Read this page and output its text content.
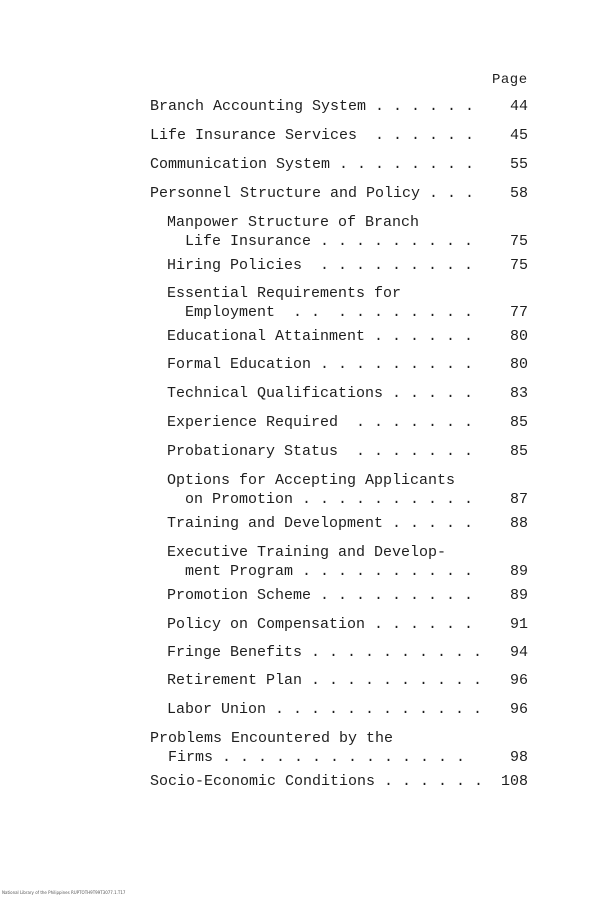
Page
Branch Accounting System . . . . . .	44
Life Insurance Services  . . . . . .	45
Communication System . . . . . . . .	55
Personnel Structure and Policy . . .	58
Manpower Structure of Branch
Life Insurance . . . . . . . . .	75
Hiring Policies  . . . . . . . . .	75
Essential Requirements for
Employment  . .  . . . . . . . .	77
Educational Attainment . . . . . .	80
Formal Education . . . . . . . . .	80
Technical Qualifications . . . . .	83
Experience Required  . . . . . . .	85
Probationary Status  . . . . . . .	85
Options for Accepting Applicants
on Promotion . . . . . . . . . .	87
Training and Development . . . . .	88
Executive Training and Develop-
ment Program . . . . . . . . . .	89
Promotion Scheme . . . . . . . . .	89
Policy on Compensation . . . . . .	91
Fringe Benefits . . . . . . . . . .	94
Retirement Plan . . . . . . . . . .	96
Labor Union . . . . . . . . . . . .	96
Problems Encountered by the
Firms . . . . . . . . . . . . . .	98
Socio-Economic Conditions . . . . . .	108
National Library of the Philippines RUPTOTH9T99T3077.1.T17
